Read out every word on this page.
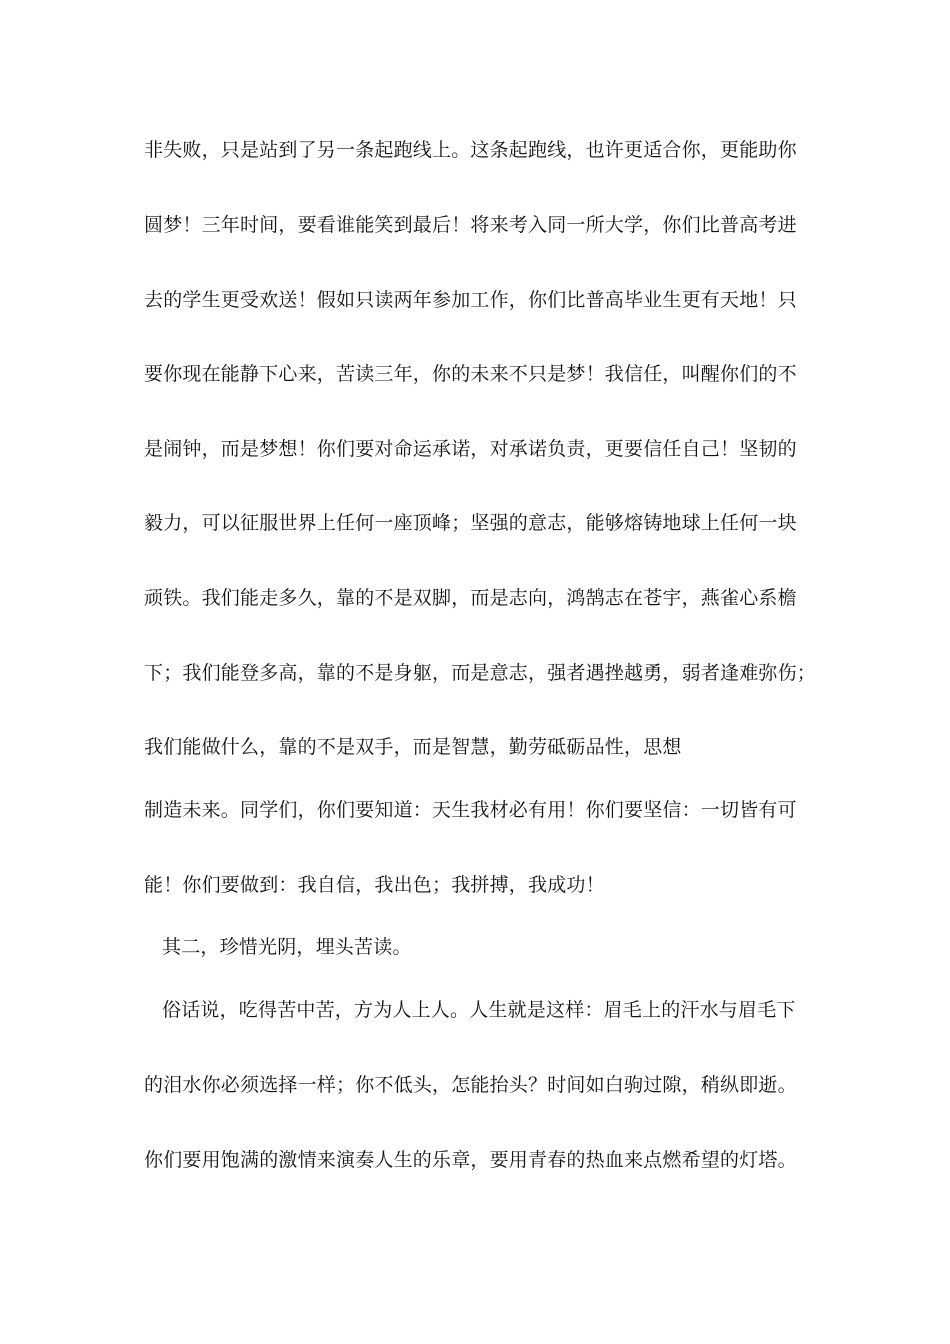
非失败，只是站到了另一条起跑线上。这条起跑线，也许更适合你，更能助你
圆梦！三年时间，要看谁能笑到最后！将来考入同一所大学，你们比普高考进
去的学生更受欢送！假如只读两年参加工作，你们比普高毕业生更有天地！只
要你现在能静下心来，苦读三年，你的未来不只是梦！我信任，叫醒你们的不
是闹钟，而是梦想！你们要对命运承诺，对承诺负责，更要信任自己！坚韧的
毅力，可以征服世界上任何一座顶峰；坚强的意志，能够熔铸地球上任何一块
顽铁。我们能走多久，靠的不是双脚，而是志向，鸿鹄志在苍宇，燕雀心系檐
下；我们能登多高，靠的不是身躯，而是意志，强者遇挫越勇，弱者逢难弥伤；
我们能做什么，靠的不是双手，而是智慧，勤劳砥砺品性，思想
制造未来。同学们，你们要知道：天生我材必有用！你们要坚信：一切皆有可
能！你们要做到：我自信，我出色；我拼搏，我成功！
其二，珍惜光阴，埋头苦读。
俗话说，吃得苦中苦，方为人上人。人生就是这样：眉毛上的汗水与眉毛下
的泪水你必须选择一样；你不低头，怎能抬头？时间如白驹过隙，稍纵即逝。
你们要用饱满的激情来演奏人生的乐章，要用青春的热血来点燃希望的灯塔。
